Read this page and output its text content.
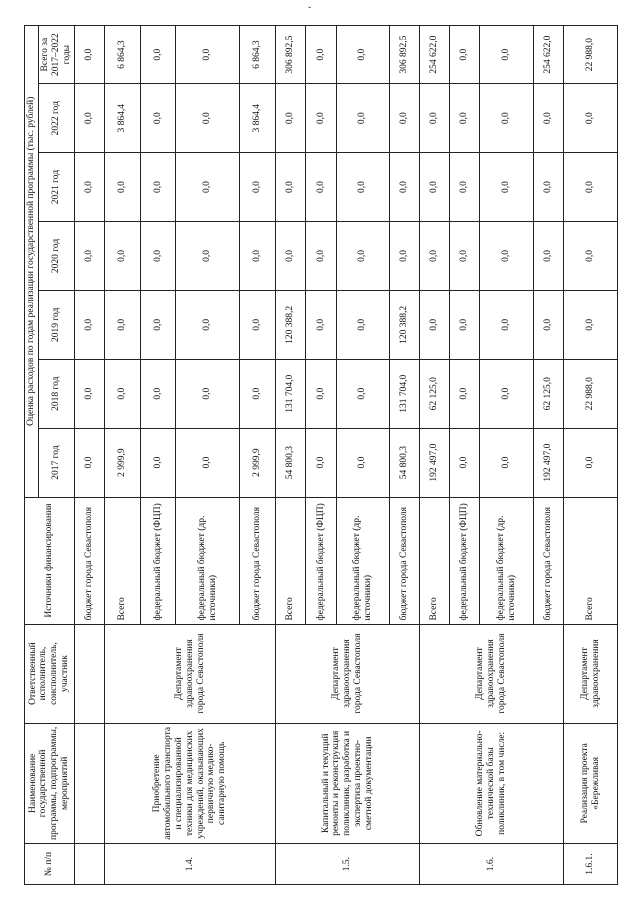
˘
№ п/п	Наименование государственной программы, подпрограммы, мероприятий	Ответственный исполнитель, соисполнитель, участник	Источники финансирования	Оценка расходов по годам реализации государственной программы (тыс. рублей)						
				2017 год	2018 год	2019 год	2020 год	2021 год	2022 год	Всего за 2017–2022 годы
			бюджет города Севастополя	0,0	0,0	0,0	0,0	0,0	0,0	0,0
1.4.	Приобретение автомобильного транспорта и специализированной техники для медицинских учреждений, оказывающих первичную медико-санитарную помощь	Департамент здравоохранения города Севастополя	Всего	2 999,9	0,0	0,0	0,0	0,0	3 864,4	6 864,3
			федеральный бюджет (ФЦП)	0,0	0,0	0,0	0,0	0,0	0,0	0,0
			федеральный бюджет (др. источники)	0,0	0,0	0,0	0,0	0,0	0,0	0,0
			бюджет города Севастополя	2 999,9	0,0	0,0	0,0	0,0	3 864,4	6 864,3
1.5.	Капитальный и текущий ремонты и реконструкция поликлиник, разработка и экспертиза проектно-сметной документации	Департамент здравоохранения города Севастополя	Всего	54 800,3	131 704,0	120 388,2	0,0	0,0	0,0	306 892,5
			федеральный бюджет (ФЦП)	0,0	0,0	0,0	0,0	0,0	0,0	0,0
			федеральный бюджет (др. источники)	0,0	0,0	0,0	0,0	0,0	0,0	0,0
			бюджет города Севастополя	54 800,3	131 704,0	120 388,2	0,0	0,0	0,0	306 892,5
1.6.	Обновление материально-технической базы поликлиник, в том числе:	Департамент здравоохранения города Севастополя	Всего	192 497,0	62 125,0	0,0	0,0	0,0	0,0	254 622,0
			федеральный бюджет (ФЦП)	0,0	0,0	0,0	0,0	0,0	0,0	0,0
			федеральный бюджет (др. источники)	0,0	0,0	0,0	0,0	0,0	0,0	0,0
			бюджет города Севастополя	192 497,0	62 125,0	0,0	0,0	0,0	0,0	254 622,0
1.6.1.	Реализация проекта «Бережливая	Департамент здравоохранения	Всего	0,0	22 988,0	0,0	0,0	0,0	0,0	22 988,0
